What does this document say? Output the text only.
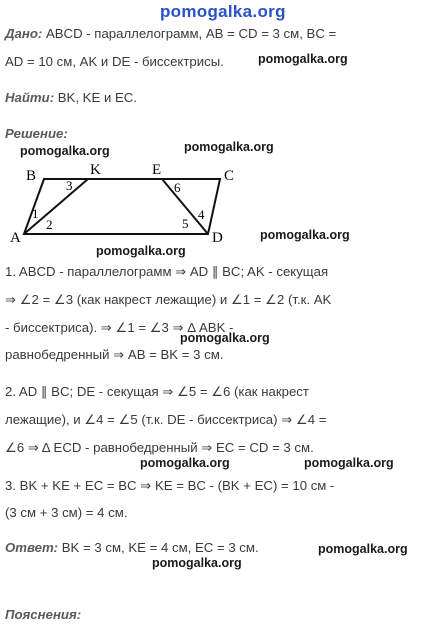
pomogalka.org
Дано: ABCD - параллелограмм, AB = CD = 3 см, BC =
AD = 10 см, AK и DE - биссектрисы.	pomogalka.org
Найти: BK, KE и EC.
Решение:
pomogalka.org	pomogalka.org
A
B	K	E	C
D
1
2
3
4
5
6
pomogalka.org
pomogalka.org
1. ABCD - параллелограмм ⇒ AD ∥ BC; AK - секущая
⇒ ∠2 = ∠3 (как накрест лежащие) и ∠1 = ∠2 (т.к. AK
- биссектриса). ⇒ ∠1 = ∠3 ⇒ Δ ABK -
pomogalka.org
равнобедренный ⇒ AB = BK = 3 см.
2. AD ∥ BC; DE - секущая ⇒ ∠5 = ∠6 (как накрест
лежащие), и ∠4 = ∠5 (т.к. DE - биссектриса) ⇒ ∠4 =
∠6 ⇒ Δ ECD - равнобедренный ⇒ EC = CD = 3 см.
pomogalka.org	pomogalka.org
3. BK + KE + EC = BC ⇒ KE = BC - (BK + EC) = 10 см -
(3 см + 3 см) = 4 см.
Ответ: BK = 3 см, KE = 4 см, EC = 3 см.	pomogalka.org
pomogalka.org
Пояснения:
